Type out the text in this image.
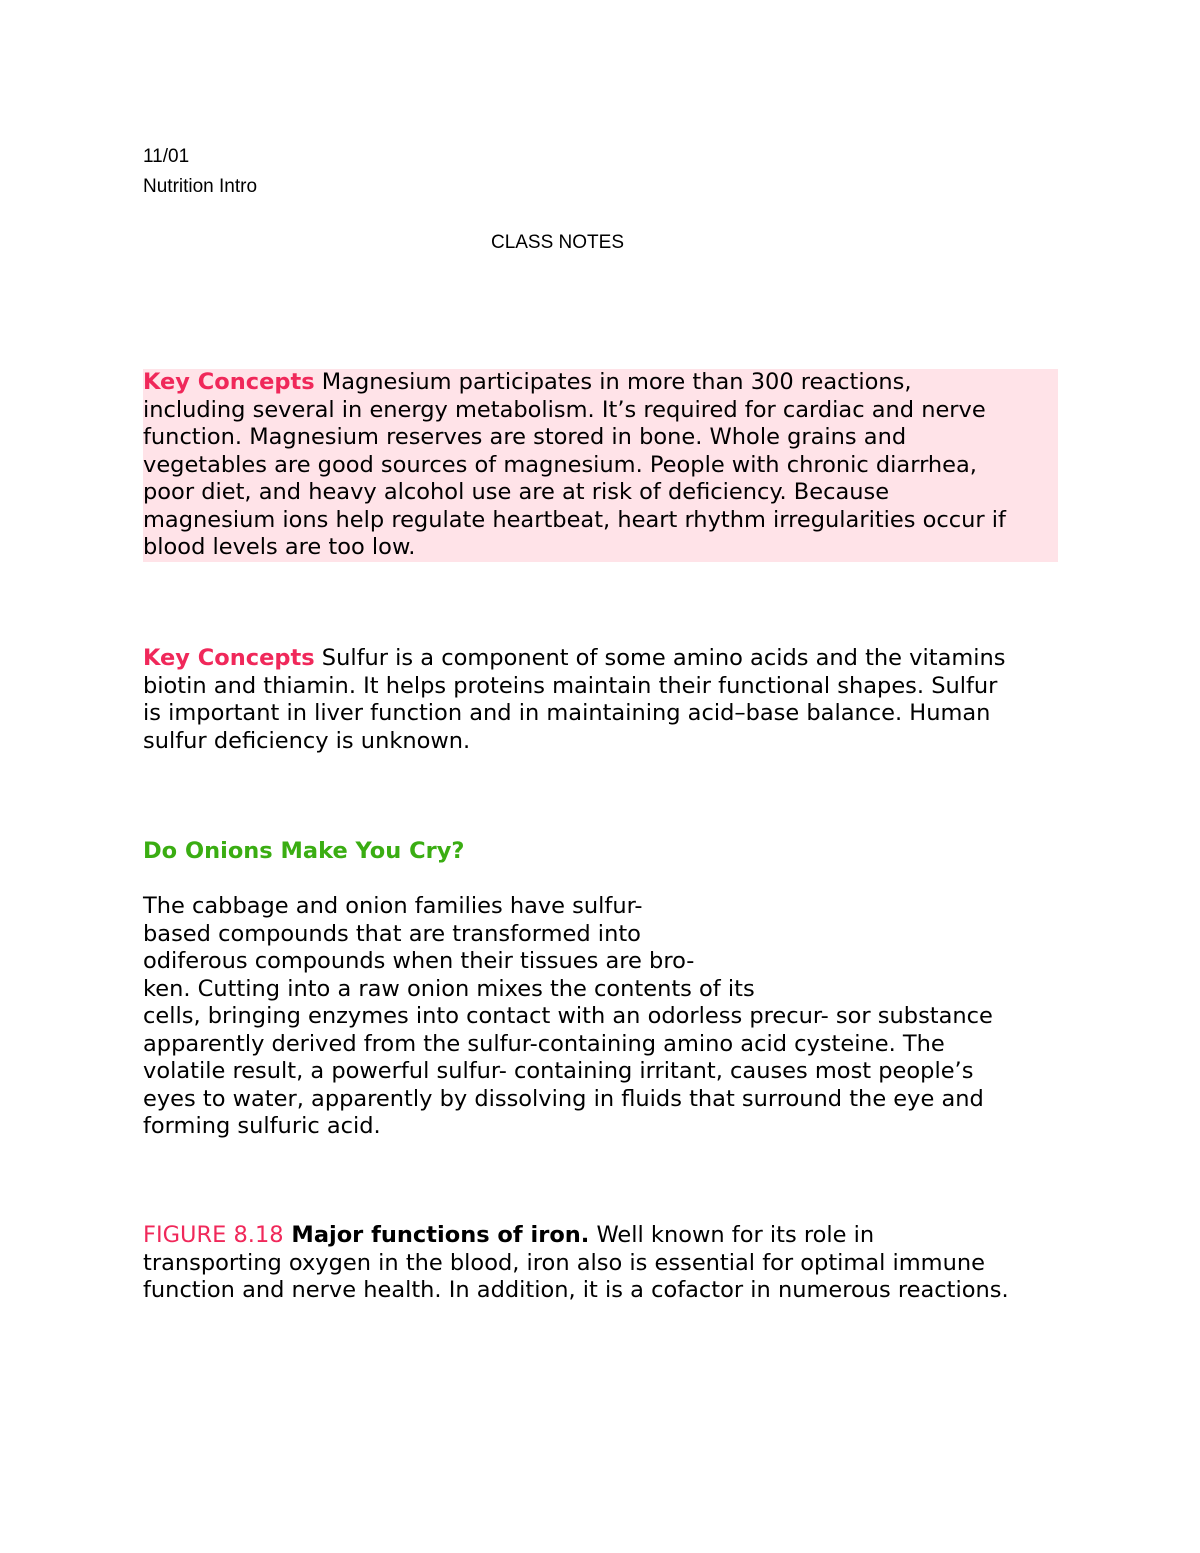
11/01
Nutrition Intro
CLASS NOTES
Key Concepts Magnesium participates in more than 300 reactions,
including several in energy metabolism. It’s required for cardiac and nerve
function. Magnesium reserves are stored in bone. Whole grains and
vegetables are good sources of magnesium. People with chronic diarrhea,
poor diet, and heavy alcohol use are at risk of deficiency. Because
magnesium ions help regulate heartbeat, heart rhythm irregularities occur if
blood levels are too low.
Key Concepts Sulfur is a component of some amino acids and the vitamins
biotin and thiamin. It helps proteins maintain their functional shapes. Sulfur
is important in liver function and in maintaining acid–base balance. Human
sulfur deficiency is unknown.
Do Onions Make You Cry?
The cabbage and onion families have sulfur-
based compounds that are transformed into
odiferous compounds when their tissues are bro-
ken. Cutting into a raw onion mixes the contents of its
cells, bringing enzymes into contact with an odorless precur- sor substance
apparently derived from the sulfur-containing amino acid cysteine. The
volatile result, a powerful sulfur- containing irritant, causes most people’s
eyes to water, apparently by dissolving in fluids that surround the eye and
forming sulfuric acid.
FIGURE 8.18 Major functions of iron. Well known for its role in
transporting oxygen in the blood, iron also is essential for optimal immune
function and nerve health. In addition, it is a cofactor in numerous reactions.
